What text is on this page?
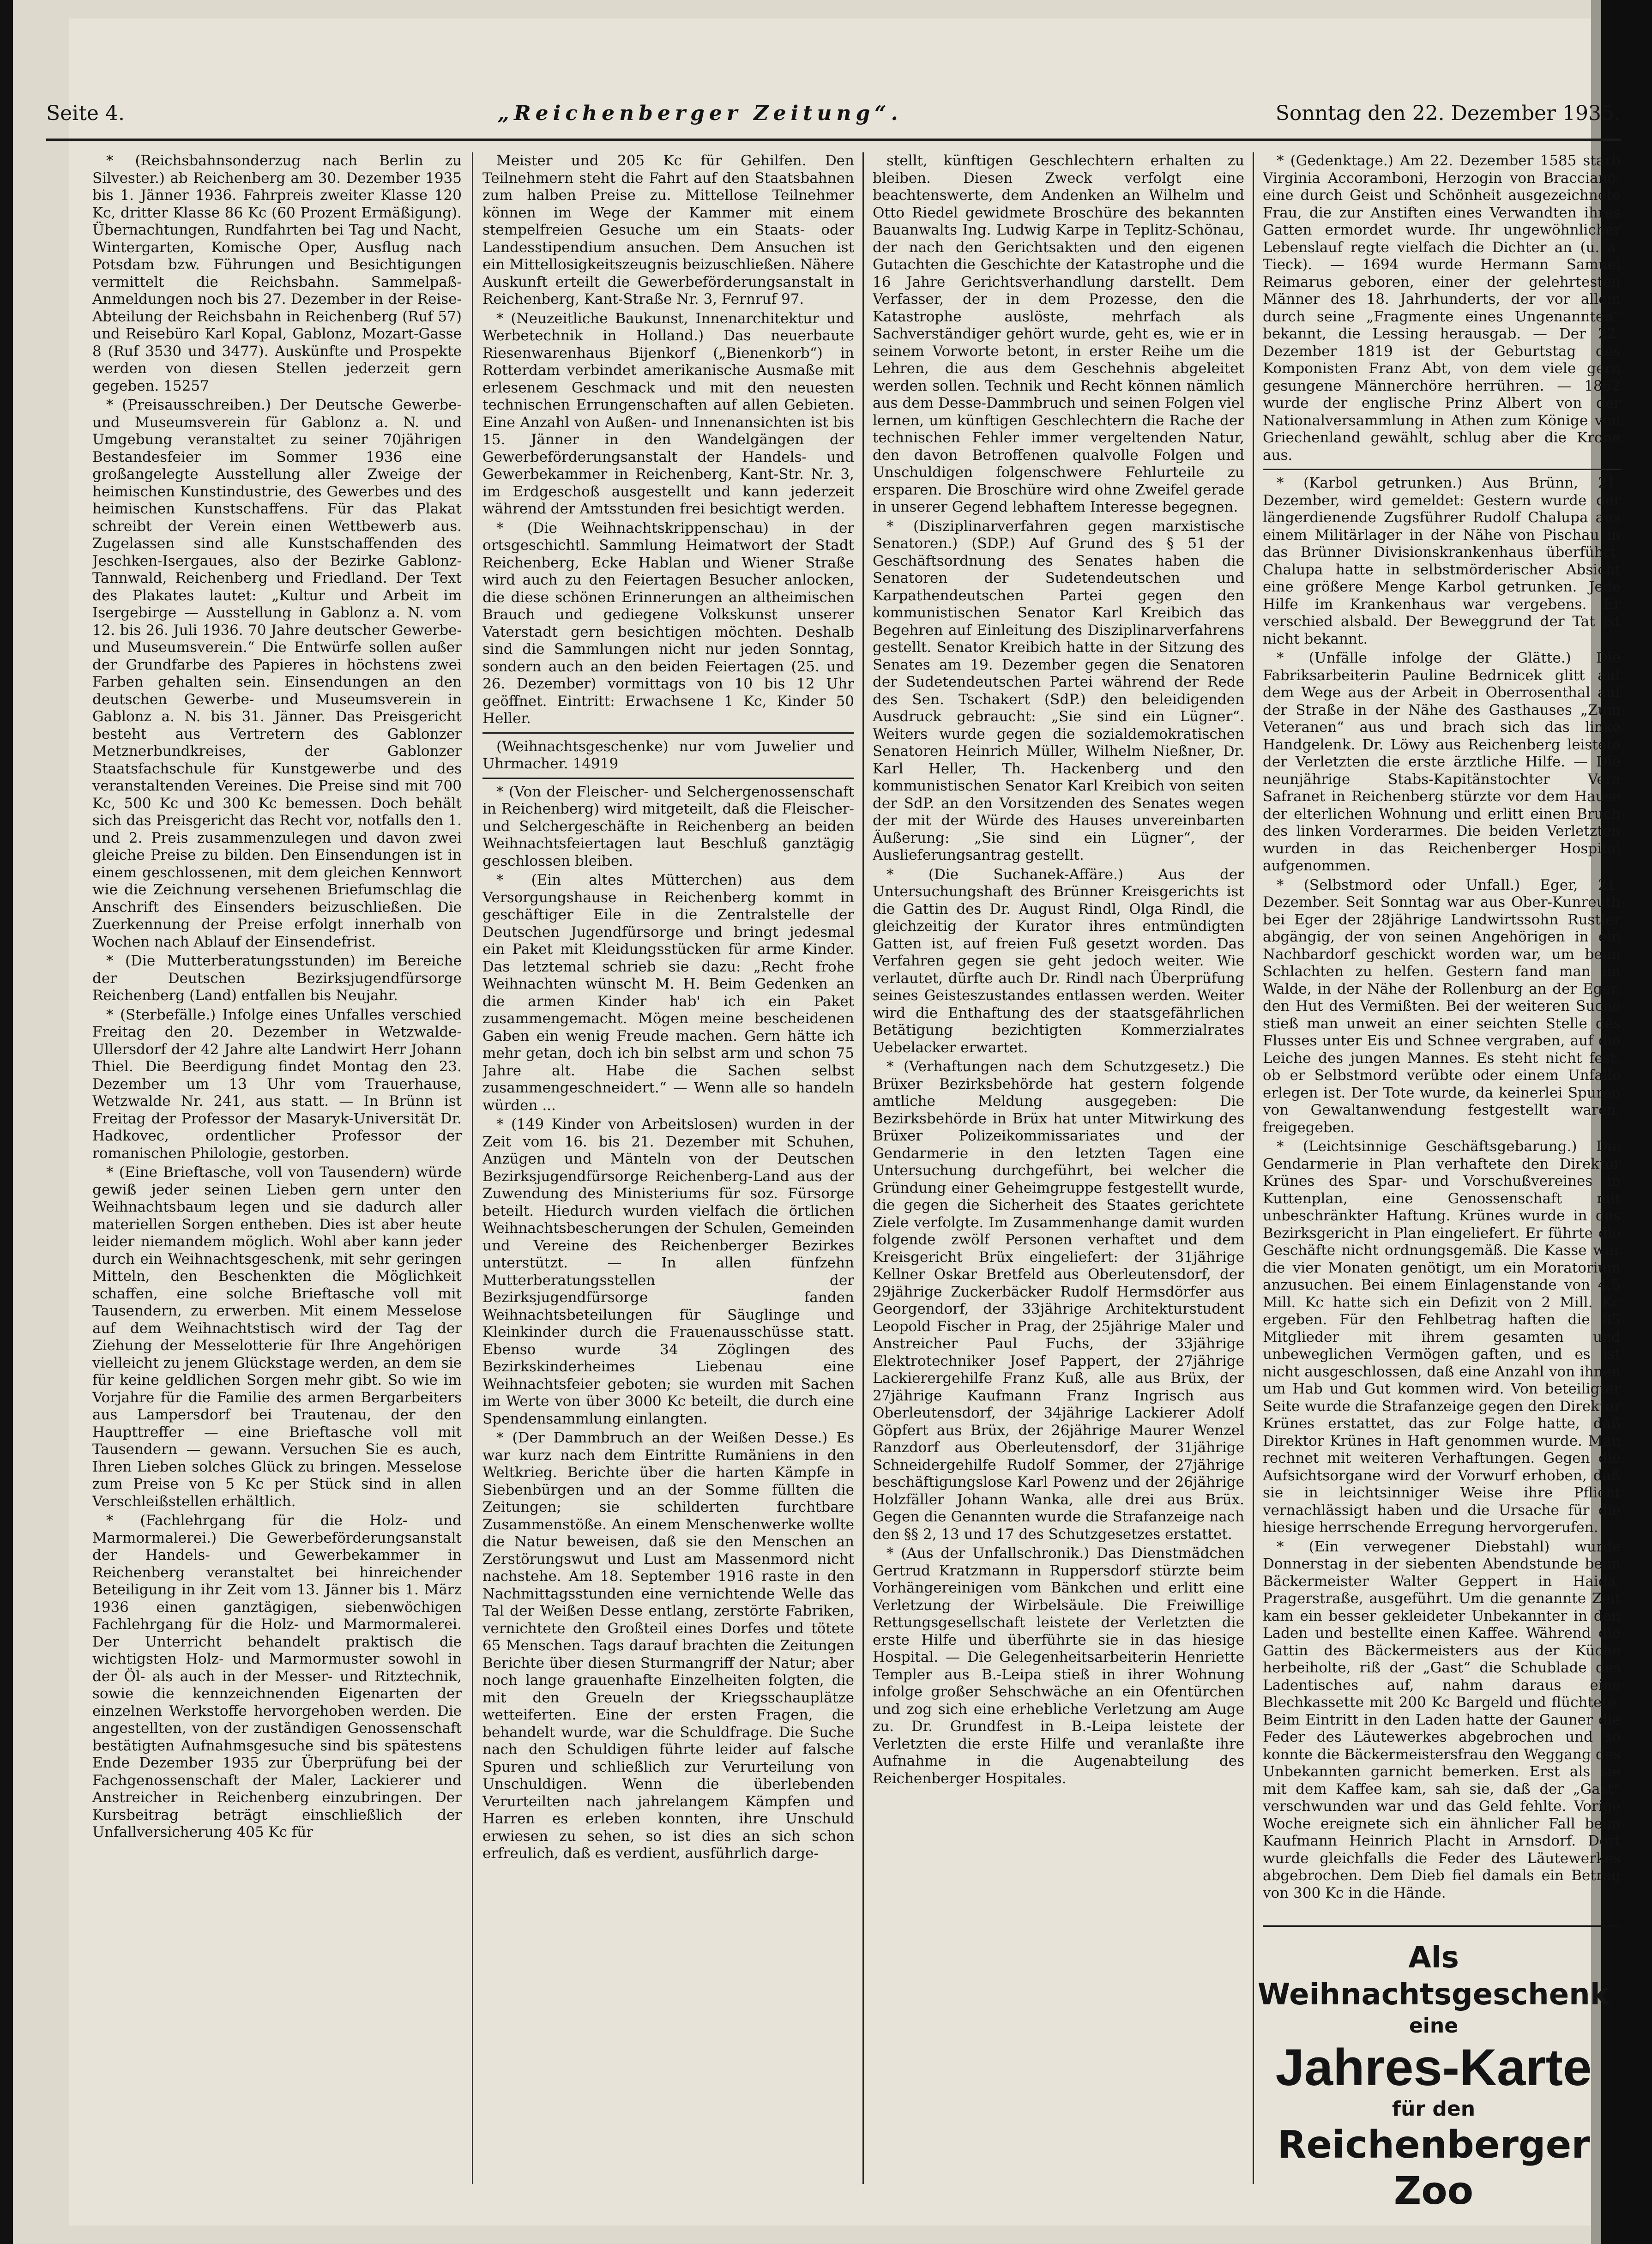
Seite 4.	„Reichenberger Zeitung“.	Sonntag den 22. Dezember 1935.

* (Reichsbahnsonderzug nach Berlin zu Silvester.) ab Reichenberg am 30. Dezember 1935 bis 1. Jänner 1936. Fahrpreis zweiter Klasse 120 Kc, dritter Klasse 86 Kc (60 Prozent Ermäßigung). Übernachtungen, Rundfahrten bei Tag und Nacht, Wintergarten, Komische Oper, Ausflug nach Potsdam bzw. Führungen und Besichtigungen vermittelt die Reichsbahn. Sammelpaß-Anmeldungen noch bis 27. Dezember in der Reise-Abteilung der Reichsbahn in Reichenberg (Ruf 57) und Reisebüro Karl Kopal, Gablonz, Mozart-Gasse 8 (Ruf 3530 und 3477). Auskünfte und Prospekte werden von diesen Stellen jederzeit gern gegeben. 15257

* (Preisausschreiben.) Der Deutsche Gewerbe- und Museumsverein für Gablonz a. N. und Umgebung veranstaltet zu seiner 70jährigen Bestandesfeier im Sommer 1936 eine großangelegte Ausstellung aller Zweige der heimischen Kunstindustrie, des Gewerbes und des heimischen Kunstschaffens. Für das Plakat schreibt der Verein einen Wettbewerb aus. Zugelassen sind alle Kunstschaffenden des Jeschken-Isergaues, also der Bezirke Gablonz-Tannwald, Reichenberg und Friedland. Der Text des Plakates lautet: „Kultur und Arbeit im Isergebirge — Ausstellung in Gablonz a. N. vom 12. bis 26. Juli 1936. 70 Jahre deutscher Gewerbe- und Museumsverein.“ Die Entwürfe sollen außer der Grundfarbe des Papieres in höchstens zwei Farben gehalten sein. Einsendungen an den deutschen Gewerbe- und Museumsverein in Gablonz a. N. bis 31. Jänner. Das Preisgericht besteht aus Vertretern des Gablonzer Metznerbundkreises, der Gablonzer Staatsfachschule für Kunstgewerbe und des veranstaltenden Vereines. Die Preise sind mit 700 Kc, 500 Kc und 300 Kc bemessen. Doch behält sich das Preisgericht das Recht vor, notfalls den 1. und 2. Preis zusammenzulegen und davon zwei gleiche Preise zu bilden. Den Einsendungen ist in einem geschlossenen, mit dem gleichen Kennwort wie die Zeichnung versehenen Briefumschlag die Anschrift des Einsenders beizuschließen. Die Zuerkennung der Preise erfolgt innerhalb von Wochen nach Ablauf der Einsendefrist.

* (Die Mutterberatungsstunden) im Bereiche der Deutschen Bezirksjugendfürsorge Reichenberg (Land) entfallen bis Neujahr.

* (Sterbefälle.) Infolge eines Unfalles verschied Freitag den 20. Dezember in Wetzwalde-Ullersdorf der 42 Jahre alte Landwirt Herr Johann Thiel. Die Beerdigung findet Montag den 23. Dezember um 13 Uhr vom Trauerhause, Wetzwalde Nr. 241, aus statt. — In Brünn ist Freitag der Professor der Masaryk-Universität Dr. Hadkovec, ordentlicher Professor der romanischen Philologie, gestorben.

* (Eine Brieftasche, voll von Tausendern) würde gewiß jeder seinen Lieben gern unter den Weihnachtsbaum legen und sie dadurch aller materiellen Sorgen entheben. Dies ist aber heute leider niemandem möglich. Wohl aber kann jeder durch ein Weihnachtsgeschenk, mit sehr geringen Mitteln, den Beschenkten die Möglichkeit schaffen, eine solche Brieftasche voll mit Tausendern, zu erwerben. Mit einem Messelose auf dem Weihnachtstisch wird der Tag der Ziehung der Messelotterie für Ihre Angehörigen vielleicht zu jenem Glückstage werden, an dem sie für keine geldlichen Sorgen mehr gibt. So wie im Vorjahre für die Familie des armen Bergarbeiters aus Lampersdorf bei Trautenau, der den Haupttreffer — eine Brieftasche voll mit Tausendern — gewann. Versuchen Sie es auch, Ihren Lieben solches Glück zu bringen. Messelose zum Preise von 5 Kc per Stück sind in allen Verschleißstellen erhältlich.

* (Fachlehrgang für die Holz- und Marmormalerei.) Die Gewerbeförderungsanstalt der Handels- und Gewerbekammer in Reichenberg veranstaltet bei hinreichender Beteiligung in ihr Zeit vom 13. Jänner bis 1. März 1936 einen ganztägigen, siebenwöchigen Fachlehrgang für die Holz- und Marmormalerei. Der Unterricht behandelt praktisch die wichtigsten Holz- und Marmormuster sowohl in der Öl- als auch in der Messer- und Ritztechnik, sowie die kennzeichnenden Eigenarten der einzelnen Werkstoffe hervorgehoben werden. Die angestellten, von der zuständigen Genossenschaft bestätigten Aufnahmsgesuche sind bis spätestens Ende Dezember 1935 zur Überprüfung bei der Fachgenossenschaft der Maler, Lackierer und Anstreicher in Reichenberg einzubringen. Der Kursbeitrag beträgt einschließlich der Unfallversicherung 405 Kc für

Meister und 205 Kc für Gehilfen. Den Teilnehmern steht die Fahrt auf den Staatsbahnen zum halben Preise zu. Mittellose Teilnehmer können im Wege der Kammer mit einem stempelfreien Gesuche um ein Staats- oder Landesstipendium ansuchen. Dem Ansuchen ist ein Mittellosigkeitszeugnis beizuschließen. Nähere Auskunft erteilt die Gewerbeförderungsanstalt in Reichenberg, Kant-Straße Nr. 3, Fernruf 97.

* (Neuzeitliche Baukunst, Innenarchitektur und Werbetechnik in Holland.) Das neuerbaute Riesenwarenhaus Bijenkorf („Bienenkorb“) in Rotterdam verbindet amerikanische Ausmaße mit erlesenem Geschmack und mit den neuesten technischen Errungenschaften auf allen Gebieten. Eine Anzahl von Außen- und Innenansichten ist bis 15. Jänner in den Wandelgängen der Gewerbeförderungsanstalt der Handels- und Gewerbekammer in Reichenberg, Kant-Str. Nr. 3, im Erdgeschoß ausgestellt und kann jederzeit während der Amtsstunden frei besichtigt werden.

* (Die Weihnachtskrippenschau) in der ortsgeschichtl. Sammlung Heimatwort der Stadt Reichenberg, Ecke Hablan und Wiener Straße wird auch zu den Feiertagen Besucher anlocken, die diese schönen Erinnerungen an altheimischen Brauch und gediegene Volkskunst unserer Vaterstadt gern besichtigen möchten. Deshalb sind die Sammlungen nicht nur jeden Sonntag, sondern auch an den beiden Feiertagen (25. und 26. Dezember) vormittags von 10 bis 12 Uhr geöffnet. Eintritt: Erwachsene 1 Kc, Kinder 50 Heller.

(Weihnachtsgeschenke) nur vom Juwelier und Uhrmacher. 14919

* (Von der Fleischer- und Selchergenossenschaft in Reichenberg) wird mitgeteilt, daß die Fleischer- und Selchergeschäfte in Reichenberg an beiden Weihnachtsfeiertagen laut Beschluß ganztägig geschlossen bleiben.

* (Ein altes Mütterchen) aus dem Versorgungshause in Reichenberg kommt in geschäftiger Eile in die Zentralstelle der Deutschen Jugendfürsorge und bringt jedesmal ein Paket mit Kleidungsstücken für arme Kinder. Das letztemal schrieb sie dazu: „Recht frohe Weihnachten wünscht M. H. Beim Gedenken an die armen Kinder hab' ich ein Paket zusammengemacht. Mögen meine bescheidenen Gaben ein wenig Freude machen. Gern hätte ich mehr getan, doch ich bin selbst arm und schon 75 Jahre alt. Habe die Sachen selbst zusammengeschneidert.“ — Wenn alle so handeln würden ...

* (149 Kinder von Arbeitslosen) wurden in der Zeit vom 16. bis 21. Dezember mit Schuhen, Anzügen und Mänteln von der Deutschen Bezirksjugendfürsorge Reichenberg-Land aus der Zuwendung des Ministeriums für soz. Fürsorge beteilt. Hiedurch wurden vielfach die örtlichen Weihnachtsbescherungen der Schulen, Gemeinden und Vereine des Reichenberger Bezirkes unterstützt. — In allen fünfzehn Mutterberatungsstellen der Bezirksjugendfürsorge fanden Weihnachtsbeteilungen für Säuglinge und Kleinkinder durch die Frauenausschüsse statt. Ebenso wurde 34 Zöglingen des Bezirkskinderheimes Liebenau eine Weihnachtsfeier geboten; sie wurden mit Sachen im Werte von über 3000 Kc beteilt, die durch eine Spendensammlung einlangten.

* (Der Dammbruch an der Weißen Desse.) Es war kurz nach dem Eintritte Rumäniens in den Weltkrieg. Berichte über die harten Kämpfe in Siebenbürgen und an der Somme füllten die Zeitungen; sie schilderten furchtbare Zusammenstöße. An einem Menschenwerke wollte die Natur beweisen, daß sie den Menschen an Zerstörungswut und Lust am Massenmord nicht nachstehe. Am 18. September 1916 raste in den Nachmittagsstunden eine vernichtende Welle das Tal der Weißen Desse entlang, zerstörte Fabriken, vernichtete den Großteil eines Dorfes und tötete 65 Menschen. Tags darauf brachten die Zeitungen Berichte über diesen Sturmangriff der Natur; aber noch lange grauenhafte Einzelheiten folgten, die mit den Greueln der Kriegsschauplätze wetteiferten. Eine der ersten Fragen, die behandelt wurde, war die Schuldfrage. Die Suche nach den Schuldigen führte leider auf falsche Spuren und schließlich zur Verurteilung von Unschuldigen. Wenn die überlebenden Verurteilten nach jahrelangem Kämpfen und Harren es erleben konnten, ihre Unschuld erwiesen zu sehen, so ist dies an sich schon erfreulich, daß es verdient, ausführlich darge-

stellt, künftigen Geschlechtern erhalten zu bleiben. Diesen Zweck verfolgt eine beachtenswerte, dem Andenken an Wilhelm und Otto Riedel gewidmete Broschüre des bekannten Bauanwalts Ing. Ludwig Karpe in Teplitz-Schönau, der nach den Gerichtsakten und den eigenen Gutachten die Geschichte der Katastrophe und die 16 Jahre Gerichtsverhandlung darstellt. Dem Verfasser, der in dem Prozesse, den die Katastrophe auslöste, mehrfach als Sachverständiger gehört wurde, geht es, wie er in seinem Vorworte betont, in erster Reihe um die Lehren, die aus dem Geschehnis abgeleitet werden sollen. Technik und Recht können nämlich aus dem Desse-Dammbruch und seinen Folgen viel lernen, um künftigen Geschlechtern die Rache der technischen Fehler immer vergeltenden Natur, den davon Betroffenen qualvolle Folgen und Unschuldigen folgenschwere Fehlurteile zu ersparen. Die Broschüre wird ohne Zweifel gerade in unserer Gegend lebhaftem Interesse begegnen.

* (Disziplinarverfahren gegen marxistische Senatoren.) (SDP.) Auf Grund des § 51 der Geschäftsordnung des Senates haben die Senatoren der Sudetendeutschen und Karpathendeutschen Partei gegen den kommunistischen Senator Karl Kreibich das Begehren auf Einleitung des Disziplinarverfahrens gestellt. Senator Kreibich hatte in der Sitzung des Senates am 19. Dezember gegen die Senatoren der Sudetendeutschen Partei während der Rede des Sen. Tschakert (SdP.) den beleidigenden Ausdruck gebraucht: „Sie sind ein Lügner“. Weiters wurde gegen die sozialdemokratischen Senatoren Heinrich Müller, Wilhelm Nießner, Dr. Karl Heller, Th. Hackenberg und den kommunistischen Senator Karl Kreibich von seiten der SdP. an den Vorsitzenden des Senates wegen der mit der Würde des Hauses unvereinbarten Äußerung: „Sie sind ein Lügner“, der Auslieferungsantrag gestellt.

* (Die Suchanek-Affäre.) Aus der Untersuchungshaft des Brünner Kreisgerichts ist die Gattin des Dr. August Rindl, Olga Rindl, die gleichzeitig der Kurator ihres entmündigten Gatten ist, auf freien Fuß gesetzt worden. Das Verfahren gegen sie geht jedoch weiter. Wie verlautet, dürfte auch Dr. Rindl nach Überprüfung seines Geisteszustandes entlassen werden. Weiter wird die Enthaftung des der staatsgefährlichen Betätigung bezichtigten Kommerzialrates Uebelacker erwartet.

* (Verhaftungen nach dem Schutzgesetz.) Die Brüxer Bezirksbehörde hat gestern folgende amtliche Meldung ausgegeben: Die Bezirksbehörde in Brüx hat unter Mitwirkung des Brüxer Polizeikommissariates und der Gendarmerie in den letzten Tagen eine Untersuchung durchgeführt, bei welcher die Gründung einer Geheimgruppe festgestellt wurde, die gegen die Sicherheit des Staates gerichtete Ziele verfolgte. Im Zusammenhange damit wurden folgende zwölf Personen verhaftet und dem Kreisgericht Brüx eingeliefert: der 31jährige Kellner Oskar Bretfeld aus Oberleutensdorf, der 29jährige Zuckerbäcker Rudolf Hermsdörfer aus Georgendorf, der 33jährige Architekturstudent Leopold Fischer in Prag, der 25jährige Maler und Anstreicher Paul Fuchs, der 33jährige Elektrotechniker Josef Pappert, der 27jährige Lackierergehilfe Franz Kuß, alle aus Brüx, der 27jährige Kaufmann Franz Ingrisch aus Oberleutensdorf, der 34jährige Lackierer Adolf Göpfert aus Brüx, der 26jährige Maurer Wenzel Ranzdorf aus Oberleutensdorf, der 31jährige Schneidergehilfe Rudolf Sommer, der 27jährige beschäftigungslose Karl Powenz und der 26jährige Holzfäller Johann Wanka, alle drei aus Brüx. Gegen die Genannten wurde die Strafanzeige nach den §§ 2, 13 und 17 des Schutzgesetzes erstattet.

* (Aus der Unfallschronik.) Das Dienstmädchen Gertrud Kratzmann in Ruppersdorf stürzte beim Vorhängereinigen vom Bänkchen und erlitt eine Verletzung der Wirbelsäule. Die Freiwillige Rettungsgesellschaft leistete der Verletzten die erste Hilfe und überführte sie in das hiesige Hospital. — Die Gelegenheitsarbeiterin Henriette Templer aus B.-Leipa stieß in ihrer Wohnung infolge großer Sehschwäche an ein Ofentürchen und zog sich eine erhebliche Verletzung am Auge zu. Dr. Grundfest in B.-Leipa leistete der Verletzten die erste Hilfe und veranlaßte ihre Aufnahme in die Augenabteilung des Reichenberger Hospitales.

* (Gedenktage.) Am 22. Dezember 1585 starb Virginia Accoramboni, Herzogin von Bracciano, eine durch Geist und Schönheit ausgezeichnete Frau, die zur Anstiften eines Verwandten ihres Gatten ermordet wurde. Ihr ungewöhnlicher Lebenslauf regte vielfach die Dichter an (u. a. Tieck). — 1694 wurde Hermann Samuel Reimarus geboren, einer der gelehrtesten Männer des 18. Jahrhunderts, der vor allem durch seine „Fragmente eines Ungenannten“ bekannt, die Lessing herausgab. — Der 22. Dezember 1819 ist der Geburtstag des Komponisten Franz Abt, von dem viele gern gesungene Männerchöre herrühren. — 1862 wurde der englische Prinz Albert von der Nationalversammlung in Athen zum Könige von Griechenland gewählt, schlug aber die Krone aus.

* (Karbol getrunken.) Aus Brünn, 21. Dezember, wird gemeldet: Gestern wurde der längerdienende Zugsführer Rudolf Chalupa aus einem Militärlager in der Nähe von Pischau in das Brünner Divisionskrankenhaus überführt. Chalupa hatte in selbstmörderischer Absicht eine größere Menge Karbol getrunken. Jede Hilfe im Krankenhaus war vergebens. Er verschied alsbald. Der Beweggrund der Tat ist nicht bekannt.

* (Unfälle infolge der Glätte.) Die Fabriksarbeiterin Pauline Bedrnicek glitt auf dem Wege aus der Arbeit in Oberrosenthal auf der Straße in der Nähe des Gasthauses „Zum Veteranen“ aus und brach sich das linke Handgelenk. Dr. Löwy aus Reichenberg leistete der Verletzten die erste ärztliche Hilfe. — Die neunjährige Stabs-Kapitänstochter Vera Safranet in Reichenberg stürzte vor dem Hause der elterlichen Wohnung und erlitt einen Bruch des linken Vorderarmes. Die beiden Verletzten wurden in das Reichenberger Hospital aufgenommen.

* (Selbstmord oder Unfall.) Eger, 21. Dezember. Seit Sonntag war aus Ober-Kunreuth bei Eger der 28jährige Landwirtssohn Rustler abgängig, der von seinen Angehörigen in ein Nachbardorf geschickt worden war, um beim Schlachten zu helfen. Gestern fand man im Walde, in der Nähe der Rollenburg an der Eger, den Hut des Vermißten. Bei der weiteren Suche stieß man unweit an einer seichten Stelle des Flusses unter Eis und Schnee vergraben, auf die Leiche des jungen Mannes. Es steht nicht fest, ob er Selbstmord verübte oder einem Unfalle erlegen ist. Der Tote wurde, da keinerlei Spuren von Gewaltanwendung festgestellt waren, freigegeben.

* (Leichtsinnige Geschäftsgebarung.) Die Gendarmerie in Plan verhaftete den Direktor Krünes des Spar- und Vorschußvereines in Kuttenplan, eine Genossenschaft mit unbeschränkter Haftung. Krünes wurde in das Bezirksgericht in Plan eingeliefert. Er führte die Geschäfte nicht ordnungsgemäß. Die Kasse war die vier Monaten genötigt, um ein Moratorium anzusuchen. Bei einem Einlagenstande von 4,5 Mill. Kc hatte sich ein Defizit von 2 Mill. Kc ergeben. Für den Fehlbetrag haften die 85 Mitglieder mit ihrem gesamten und unbeweglichen Vermögen gaften, und es ist nicht ausgeschlossen, daß eine Anzahl von ihnen um Hab und Gut kommen wird. Von beteiligter Seite wurde die Strafanzeige gegen den Direktor Krünes erstattet, das zur Folge hatte, daß Direktor Krünes in Haft genommen wurde. Man rechnet mit weiteren Verhaftungen. Gegen die Aufsichtsorgane wird der Vorwurf erhoben, daß sie in leichtsinniger Weise ihre Pflicht vernachlässigt haben und die Ursache für die hiesige herrschende Erregung hervorgerufen.

* (Ein verwegener Diebstahl) wurde Donnerstag in der siebenten Abendstunde beim Bäckermeister Walter Geppert in Haida, Pragerstraße, ausgeführt. Um die genannte Zeit kam ein besser gekleideter Unbekannter in den Laden und bestellte einen Kaffee. Während die Gattin des Bäckermeisters aus der Küche herbeiholte, riß der „Gast“ die Schublade des Ladentisches auf, nahm daraus eine Blechkassette mit 200 Kc Bargeld und flüchtete. Beim Eintritt in den Laden hatte der Gauner die Feder des Läutewerkes abgebrochen und so konnte die Bäckermeistersfrau den Weggang des Unbekannten garnicht bemerken. Erst als sie mit dem Kaffee kam, sah sie, daß der „Gast“ verschwunden war und das Geld fehlte. Vorige Woche ereignete sich ein ähnlicher Fall beim Kaufmann Heinrich Placht in Arnsdorf. Dort wurde gleichfalls die Feder des Läutewerkes abgebrochen. Dem Dieb fiel damals ein Betrag von 300 Kc in die Hände.

Als Weihnachtsgeschenk
eine
Jahres-Karte
für den
Reichenberger Zoo
